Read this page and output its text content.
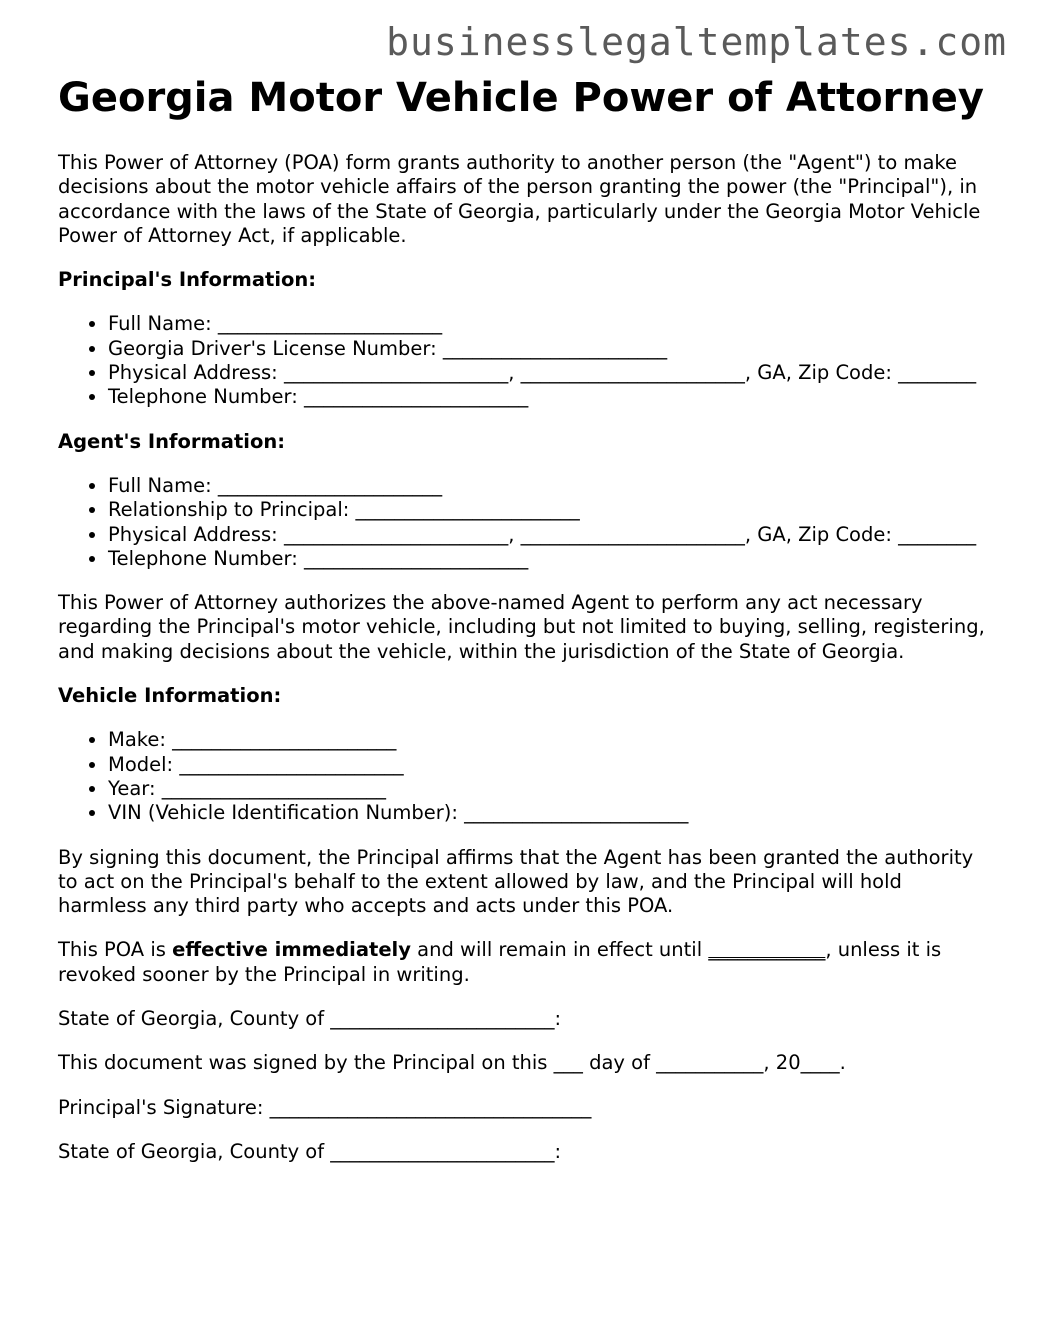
businesslegaltemplates.com

Georgia Motor Vehicle Power of Attorney

This Power of Attorney (POA) form grants authority to another person (the "Agent") to make decisions about the motor vehicle affairs of the person granting the power (the "Principal"), in accordance with the laws of the State of Georgia, particularly under the Georgia Motor Vehicle Power of Attorney Act, if applicable.

Principal's Information:

• Full Name: _______________________
• Georgia Driver's License Number: _______________________
• Physical Address: _______________________, _______________________, GA, Zip Code: ________
• Telephone Number: _______________________

Agent's Information:

• Full Name: _______________________
• Relationship to Principal: _______________________
• Physical Address: _______________________, _______________________, GA, Zip Code: ________
• Telephone Number: _______________________

This Power of Attorney authorizes the above-named Agent to perform any act necessary regarding the Principal's motor vehicle, including but not limited to buying, selling, registering, and making decisions about the vehicle, within the jurisdiction of the State of Georgia.

Vehicle Information:

• Make: _______________________
• Model: _______________________
• Year: _______________________
• VIN (Vehicle Identification Number): _______________________

By signing this document, the Principal affirms that the Agent has been granted the authority to act on the Principal's behalf to the extent allowed by law, and the Principal will hold harmless any third party who accepts and acts under this POA.

This POA is effective immediately and will remain in effect until ____________, unless it is revoked sooner by the Principal in writing.

State of Georgia, County of _______________________:

This document was signed by the Principal on this ___ day of ___________, 20____.

Principal's Signature: _________________________________

State of Georgia, County of _______________________:
